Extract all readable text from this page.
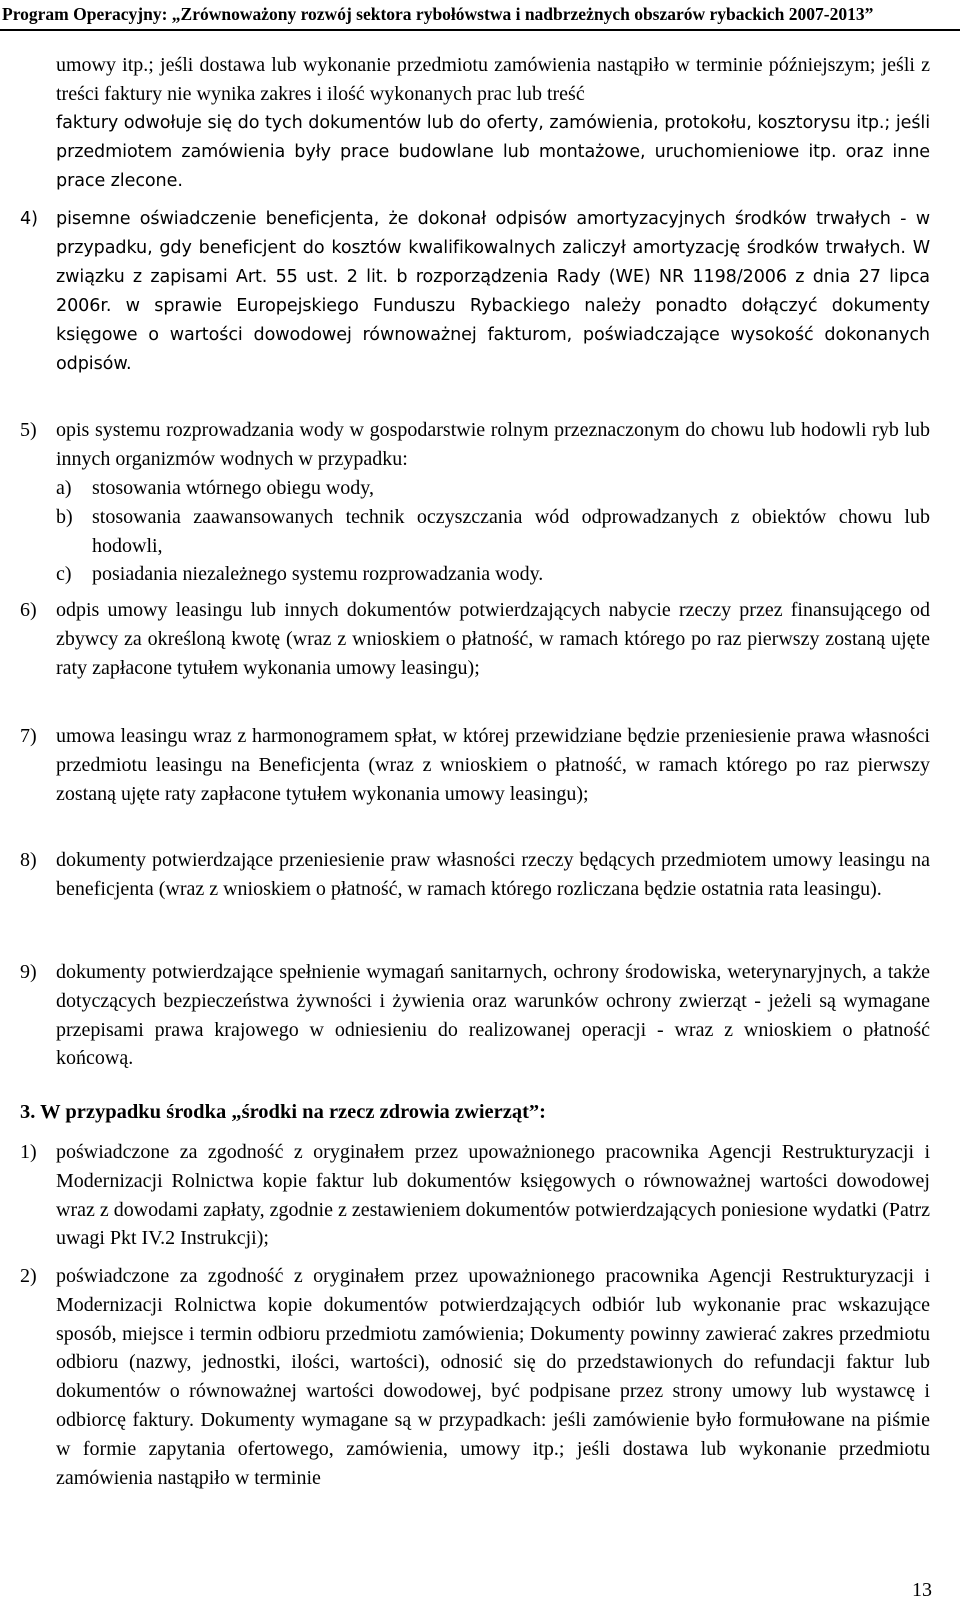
Program Operacyjny: „Zrównoważony rozwój sektora rybołówstwa i nadbrzeżnych obszarów rybackich 2007-2013”

umowy itp.; jeśli dostawa lub wykonanie przedmiotu zamówienia nastąpiło w terminie późniejszym; jeśli z treści faktury nie wynika zakres i ilość wykonanych prac lub treść

faktury odwołuje się do tych dokumentów lub do oferty, zamówienia, protokołu, kosztorysu itp.; jeśli przedmiotem zamówienia były prace budowlane lub montażowe, uruchomieniowe itp. oraz inne prace zlecone.

4) pisemne oświadczenie beneficjenta, że dokonał odpisów amortyzacyjnych środków trwałych - w przypadku, gdy beneficjent do kosztów kwalifikowalnych zaliczył amortyzację środków trwałych. W związku z zapisami Art. 55 ust. 2 lit. b rozporządzenia Rady (WE) NR 1198/2006 z dnia 27 lipca 2006r. w sprawie Europejskiego Funduszu Rybackiego należy ponadto dołączyć dokumenty księgowe o wartości dowodowej równoważnej fakturom, poświadczające wysokość dokonanych odpisów.

5) opis systemu rozprowadzania wody w gospodarstwie rolnym przeznaczonym do chowu lub hodowli ryb lub innych organizmów wodnych w przypadku:

a) stosowania wtórnego obiegu wody,

b) stosowania zaawansowanych technik oczyszczania wód odprowadzanych z obiektów chowu lub hodowli,

c) posiadania niezależnego systemu rozprowadzania wody.

6) odpis umowy leasingu lub innych dokumentów potwierdzających nabycie rzeczy przez finansującego od zbywcy za określoną kwotę (wraz z wnioskiem o płatność, w ramach którego po raz pierwszy zostaną ujęte raty zapłacone tytułem wykonania umowy leasingu);

7) umowa leasingu wraz z harmonogramem spłat, w której przewidziane będzie przeniesienie prawa własności przedmiotu leasingu na Beneficjenta (wraz z wnioskiem o płatność, w ramach którego po raz pierwszy zostaną ujęte raty zapłacone tytułem wykonania umowy leasingu);

8) dokumenty potwierdzające przeniesienie praw własności rzeczy będących przedmiotem umowy leasingu na beneficjenta (wraz z wnioskiem o płatność, w ramach którego rozliczana będzie ostatnia rata leasingu).

9) dokumenty potwierdzające spełnienie wymagań sanitarnych, ochrony środowiska, weterynaryjnych, a także dotyczących bezpieczeństwa żywności i żywienia oraz warunków ochrony zwierząt - jeżeli są wymagane przepisami prawa krajowego w odniesieniu do realizowanej operacji - wraz z wnioskiem o płatność końcową.

3. W przypadku środka „środki na rzecz zdrowia zwierząt”:
1) poświadczone za zgodność z oryginałem przez upoważnionego pracownika Agencji Restrukturyzacji i Modernizacji Rolnictwa kopie faktur lub dokumentów księgowych o równoważnej wartości dowodowej wraz z dowodami zapłaty, zgodnie z zestawieniem dokumentów potwierdzających poniesione wydatki (Patrz uwagi Pkt IV.2 Instrukcji);

2) poświadczone za zgodność z oryginałem przez upoważnionego pracownika Agencji Restrukturyzacji i Modernizacji Rolnictwa kopie dokumentów potwierdzających odbiór lub wykonanie prac wskazujące sposób, miejsce i termin odbioru przedmiotu zamówienia; Dokumenty powinny zawierać zakres przedmiotu odbioru (nazwy, jednostki, ilości, wartości), odnosić się do przedstawionych do refundacji faktur lub dokumentów o równoważnej wartości dowodowej, być podpisane przez strony umowy lub wystawcę i odbiorcę faktury. Dokumenty wymagane są w przypadkach: jeśli zamówienie było formułowane na piśmie w formie zapytania ofertowego, zamówienia, umowy itp.; jeśli dostawa lub wykonanie przedmiotu zamówienia nastąpiło w terminie

13
